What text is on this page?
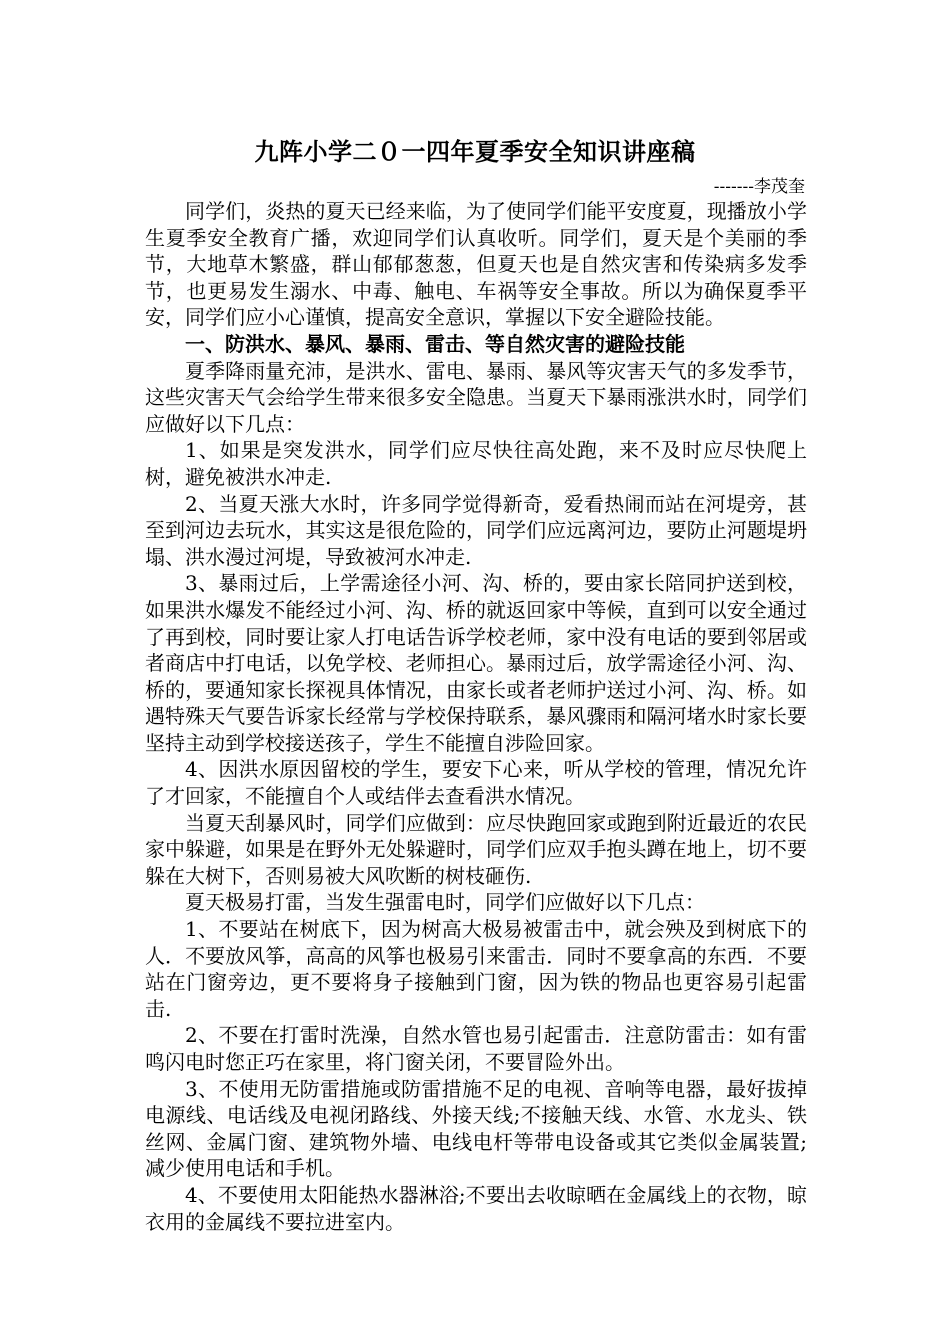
九阵小学二０一四年夏季安全知识讲座稿
-------李茂奎

同学们，炎热的夏天已经来临，为了使同学们能平安度夏，现播放小学生夏季安全教育广播，欢迎同学们认真收听。同学们，夏天是个美丽的季节，大地草木繁盛，群山郁郁葱葱，但夏天也是自然灾害和传染病多发季节，也更易发生溺水、中毒、触电、车祸等安全事故。所以为确保夏季平安，同学们应小心谨慎，提高安全意识，掌握以下安全避险技能。

一、防洪水、暴风、暴雨、雷击、等自然灾害的避险技能

夏季降雨量充沛，是洪水、雷电、暴雨、暴风等灾害天气的多发季节，这些灾害天气会给学生带来很多安全隐患。当夏天下暴雨涨洪水时，同学们应做好以下几点：

1、如果是突发洪水，同学们应尽快往高处跑，来不及时应尽快爬上树，避免被洪水冲走.

2、当夏天涨大水时，许多同学觉得新奇，爱看热闹而站在河堤旁，甚至到河边去玩水，其实这是很危险的，同学们应远离河边，要防止河题堤坍塌、洪水漫过河堤，导致被河水冲走.

3、暴雨过后，上学需途径小河、沟、桥的，要由家长陪同护送到校，如果洪水爆发不能经过小河、沟、桥的就返回家中等候，直到可以安全通过了再到校，同时要让家人打电话告诉学校老师，家中没有电话的要到邻居或者商店中打电话，以免学校、老师担心。暴雨过后，放学需途径小河、沟、桥的，要通知家长探视具体情况，由家长或者老师护送过小河、沟、桥。如遇特殊天气要告诉家长经常与学校保持联系，暴风骤雨和隔河堵水时家长要坚持主动到学校接送孩子，学生不能擅自涉险回家。

4、因洪水原因留校的学生，要安下心来，听从学校的管理，情况允许了才回家，不能擅自个人或结伴去查看洪水情况。

当夏天刮暴风时，同学们应做到：应尽快跑回家或跑到附近最近的农民家中躲避，如果是在野外无处躲避时，同学们应双手抱头蹲在地上，切不要躲在大树下，否则易被大风吹断的树枝砸伤.

夏天极易打雷，当发生强雷电时，同学们应做好以下几点：

1、不要站在树底下，因为树高大极易被雷击中，就会殃及到树底下的人．不要放风筝，高高的风筝也极易引来雷击．同时不要拿高的东西．不要站在门窗旁边，更不要将身子接触到门窗，因为铁的物品也更容易引起雷击.

2、不要在打雷时洗澡，自然水管也易引起雷击．注意防雷击：如有雷鸣闪电时您正巧在家里，将门窗关闭，不要冒险外出。

3、不使用无防雷措施或防雷措施不足的电视、音响等电器，最好拔掉电源线、电话线及电视闭路线、外接天线;不接触天线、水管、水龙头、铁丝网、金属门窗、建筑物外墙、电线电杆等带电设备或其它类似金属装置;减少使用电话和手机。

4、不要使用太阳能热水器淋浴;不要出去收晾晒在金属线上的衣物，晾衣用的金属线不要拉进室内。
